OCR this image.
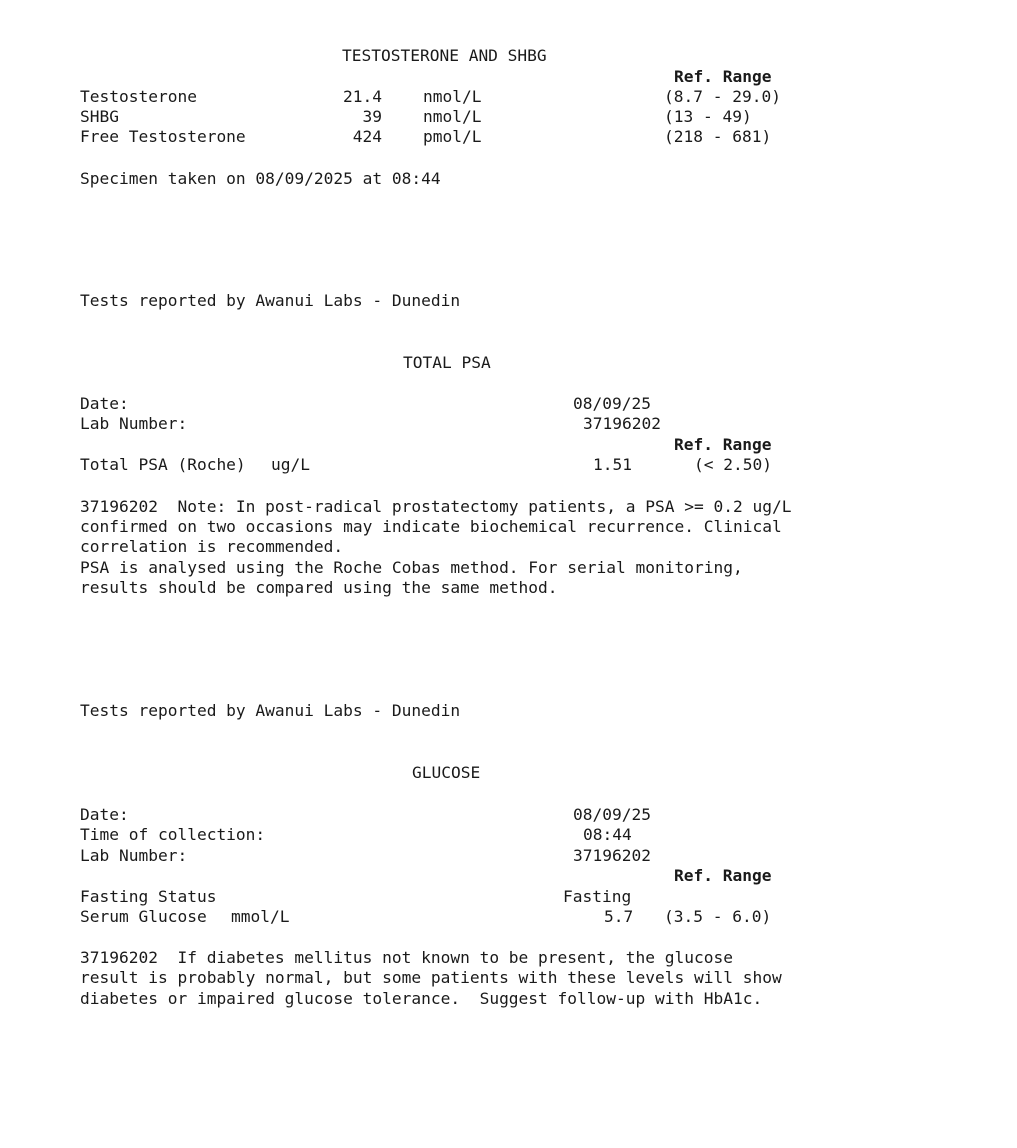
TESTOSTERONE AND SHBG
Ref. Range
Testosterone	21.4	nmol/L	(8.7 - 29.0)
SHBG	39	nmol/L	(13 - 49)
Free Testosterone	424	pmol/L	(218 - 681)
Specimen taken on 08/09/2025 at 08:44
Tests reported by Awanui Labs - Dunedin
TOTAL PSA
Date:	08/09/25
Lab Number:	37196202
Ref. Range
Total PSA (Roche) ug/L	1.51	(< 2.50)
37196202  Note: In post-radical prostatectomy patients, a PSA >= 0.2 ug/L
confirmed on two occasions may indicate biochemical recurrence. Clinical
correlation is recommended.
PSA is analysed using the Roche Cobas method. For serial monitoring,
results should be compared using the same method.
Tests reported by Awanui Labs - Dunedin
GLUCOSE
Date:	08/09/25
Time of collection:	08:44
Lab Number:	37196202
Ref. Range
Fasting Status	Fasting
Serum Glucose mmol/L	5.7 (3.5 - 6.0)
37196202  If diabetes mellitus not known to be present, the glucose
result is probably normal, but some patients with these levels will show
diabetes or impaired glucose tolerance.  Suggest follow-up with HbA1c.
